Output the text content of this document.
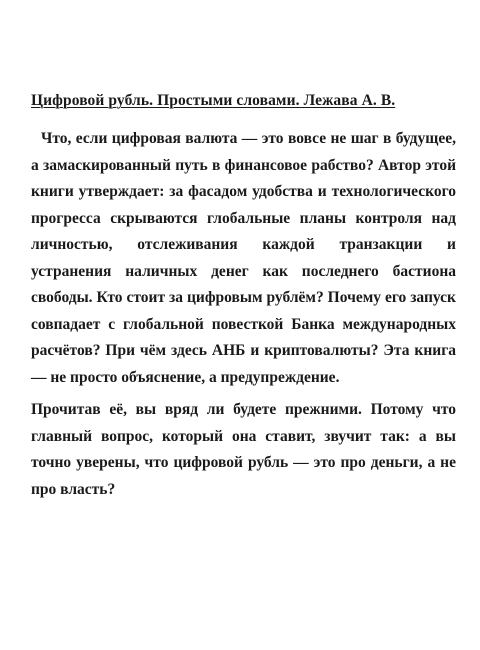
Цифровой рубль. Простыми словами. Лежава А. В.

Что, если цифровая валюта — это вовсе не шаг в будущее, а замаскированный путь в финансовое рабство? Автор этой книги утверждает: за фасадом удобства и технологического прогресса скрываются глобальные планы контроля над личностью, отслеживания каждой транзакции и устранения наличных денег как последнего бастиона свободы. Кто стоит за цифровым рублём? Почему его запуск совпадает с глобальной повесткой Банка международных расчётов? При чём здесь АНБ и криптовалюты? Эта книга — не просто объяснение, а предупреждение.

Прочитав её, вы вряд ли будете прежними. Потому что главный вопрос, который она ставит, звучит так: а вы точно уверены, что цифровой рубль — это про деньги, а не про власть?
